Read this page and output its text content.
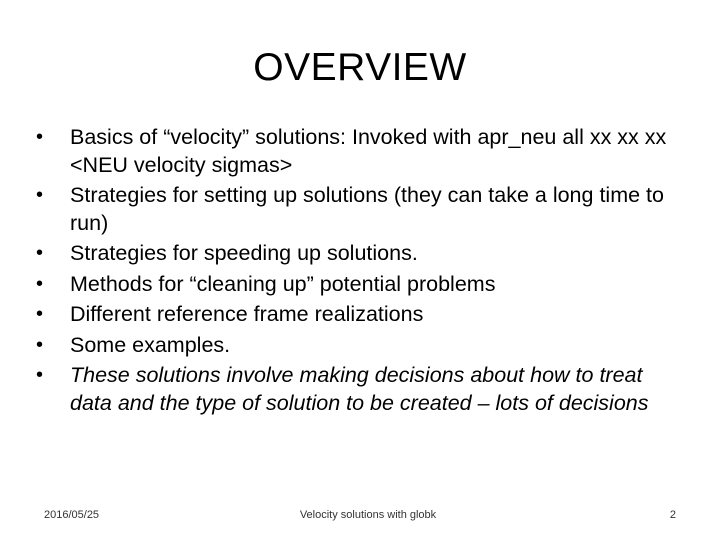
OVERVIEW
•	Basics of “velocity” solutions: Invoked with apr_neu all xx xx xx <NEU velocity sigmas>
•	Strategies for setting up solutions (they can take a long time to run)
•	Strategies for speeding up solutions.
•	Methods for “cleaning up” potential problems
•	Different reference frame realizations
•	Some examples.
•	These solutions involve making decisions about how to treat data and the type of solution to be created – lots of decisions
2016/05/25	Velocity solutions with globk	2
